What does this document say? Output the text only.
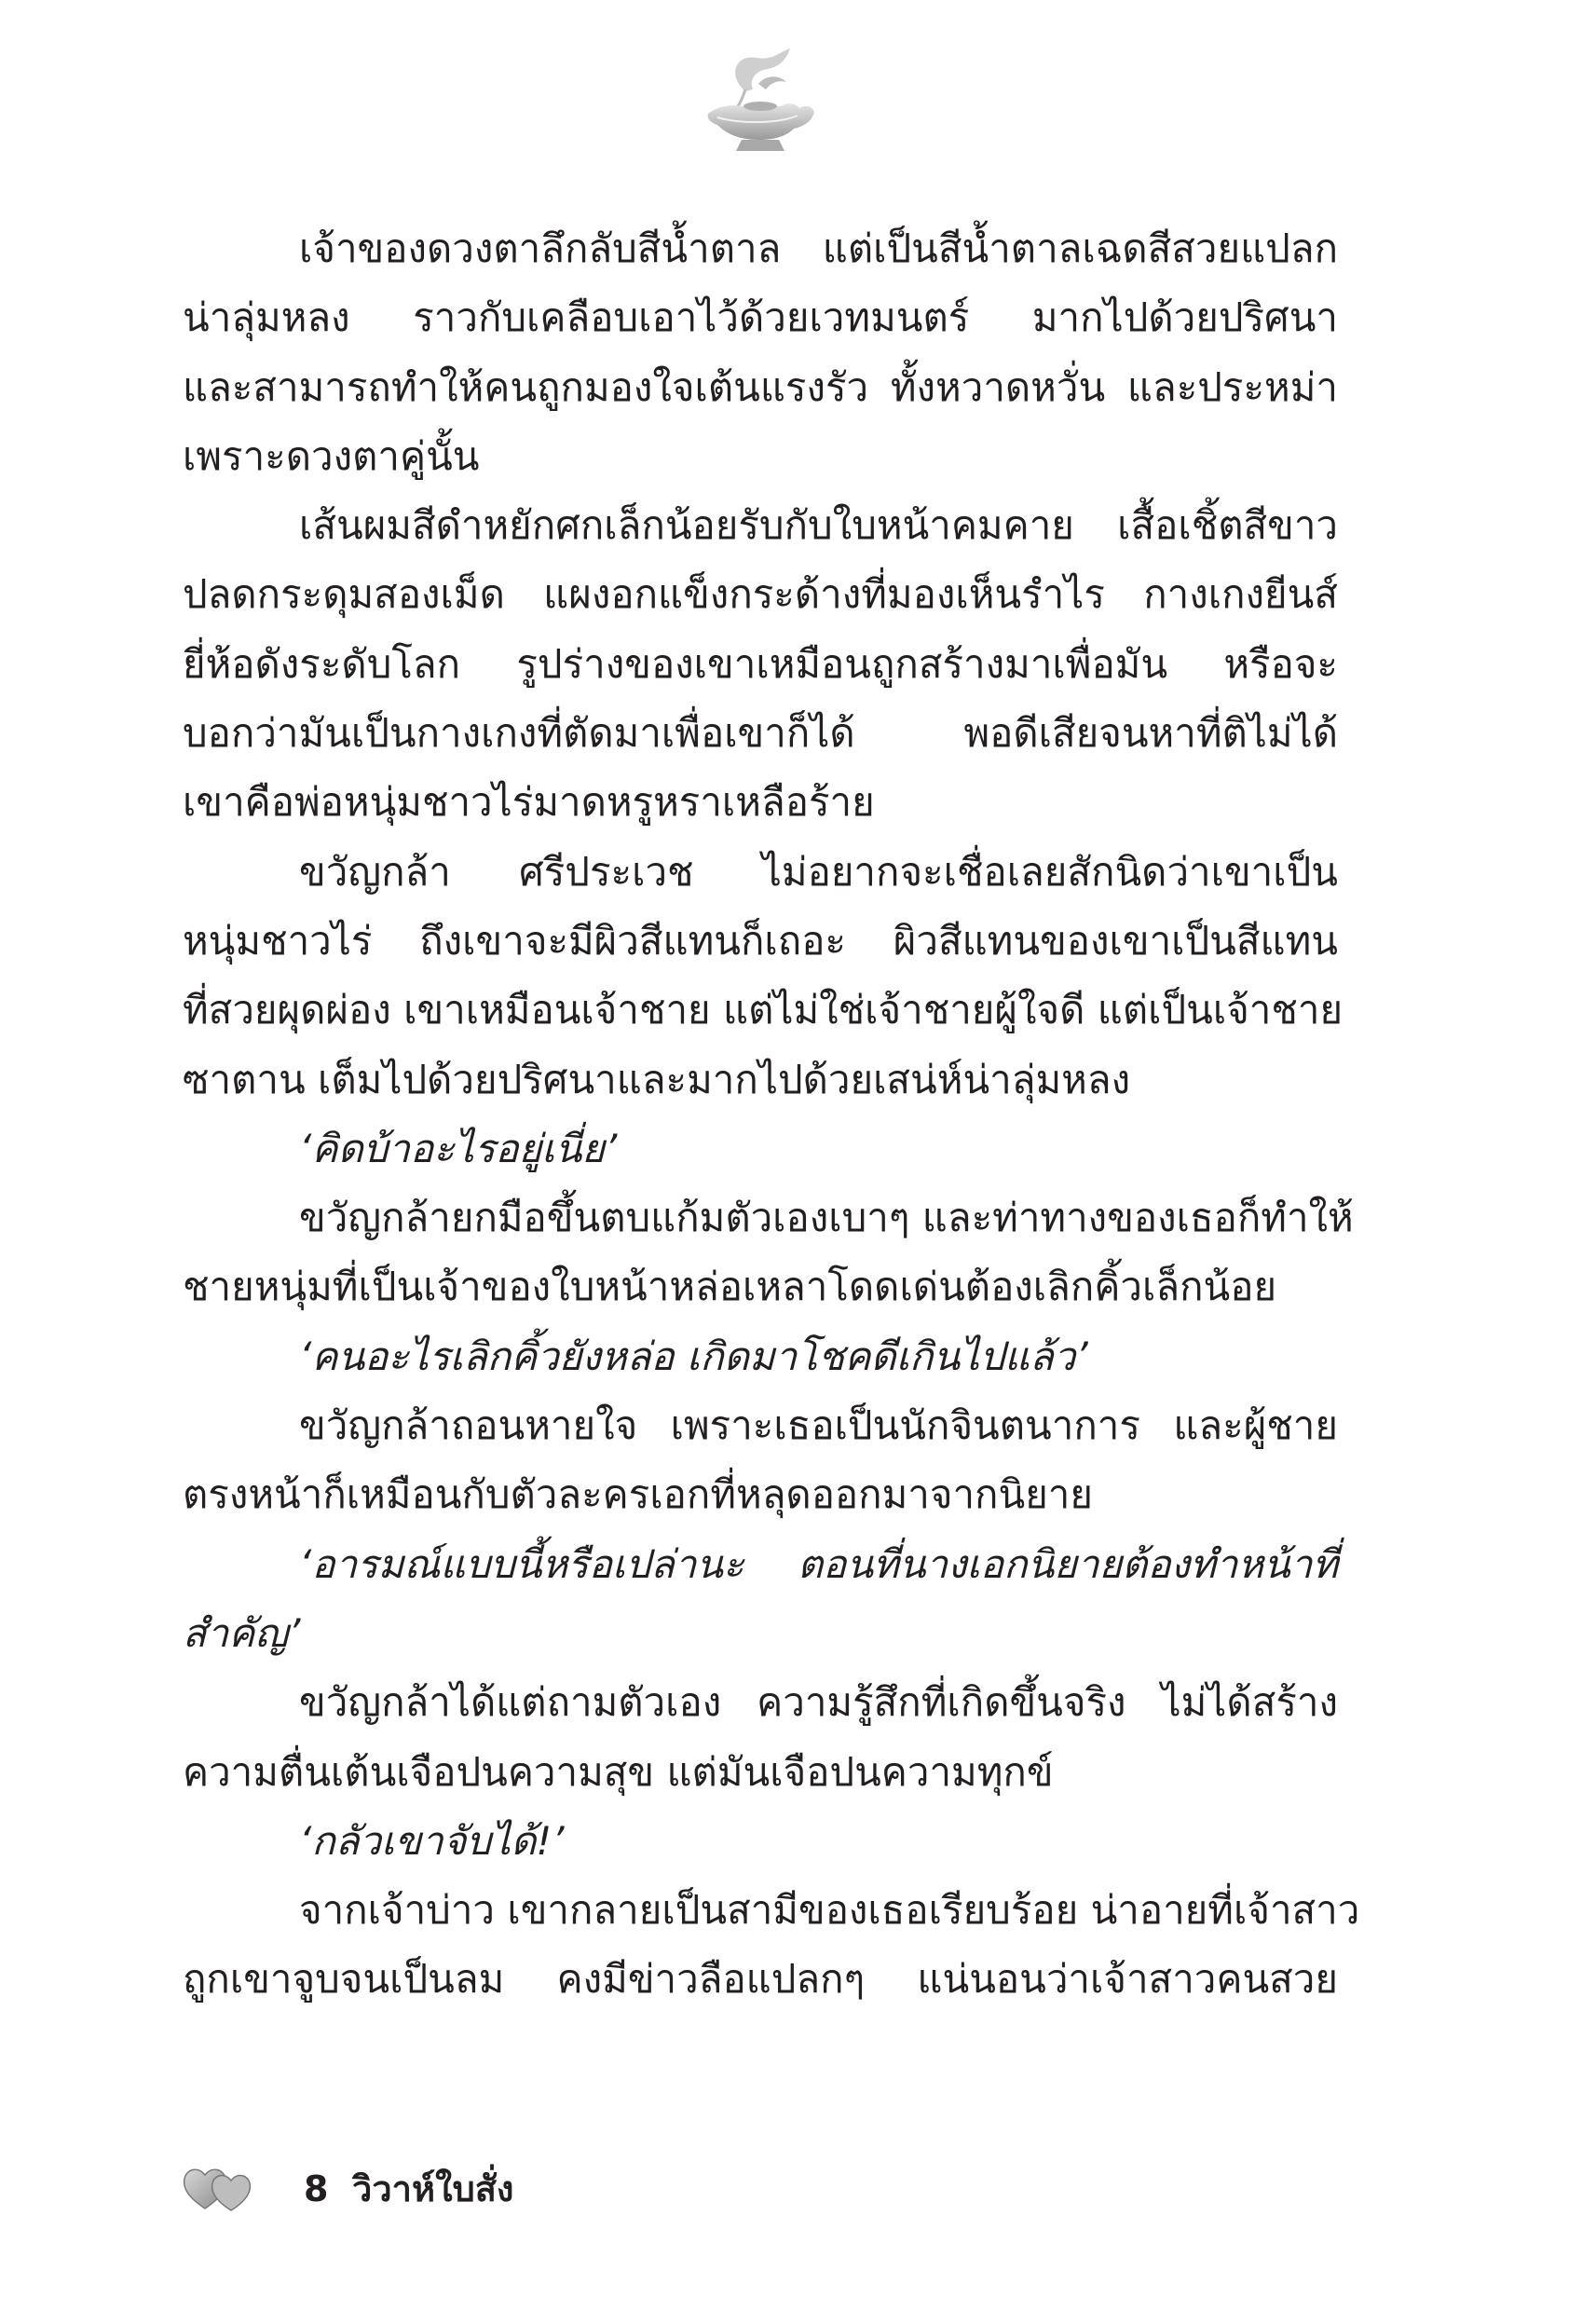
เจ้าของดวงตาลึกลับสีน้ำตาล แต่เป็นสีน้ำตาลเฉดสีสวยแปลก
น่าลุ่มหลง ราวกับเคลือบเอาไว้ด้วยเวทมนตร์ มากไปด้วยปริศนา
และสามารถทำให้คนถูกมองใจเต้นแรงรัว ทั้งหวาดหวั่น และประหม่า
เพราะดวงตาคู่นั้น
เส้นผมสีดำหยักศกเล็กน้อยรับกับใบหน้าคมคาย เสื้อเชิ้ตสีขาว
ปลดกระดุมสองเม็ด แผงอกแข็งกระด้างที่มองเห็นรำไร กางเกงยีนส์
ยี่ห้อดังระดับโลก รูปร่างของเขาเหมือนถูกสร้างมาเพื่อมัน หรือจะ
บอกว่ามันเป็นกางเกงที่ตัดมาเพื่อเขาก็ได้ พอดีเสียจนหาที่ติไม่ได้
เขาคือพ่อหนุ่มชาวไร่มาดหรูหราเหลือร้าย
ขวัญกล้า ศรีประเวช ไม่อยากจะเชื่อเลยสักนิดว่าเขาเป็น
หนุ่มชาวไร่ ถึงเขาจะมีผิวสีแทนก็เถอะ ผิวสีแทนของเขาเป็นสีแทน
ที่สวยผุดผ่อง เขาเหมือนเจ้าชาย แต่ไม่ใช่เจ้าชายผู้ใจดี แต่เป็นเจ้าชาย
ซาตาน เต็มไปด้วยปริศนาและมากไปด้วยเสน่ห์น่าลุ่มหลง
‘คิดบ้าอะไรอยู่เนี่ย’
ขวัญกล้ายกมือขึ้นตบแก้มตัวเองเบาๆ และท่าทางของเธอก็ทำให้
ชายหนุ่มที่เป็นเจ้าของใบหน้าหล่อเหลาโดดเด่นต้องเลิกคิ้วเล็กน้อย
‘คนอะไรเลิกคิ้วยังหล่อ เกิดมาโชคดีเกินไปแล้ว’
ขวัญกล้าถอนหายใจ เพราะเธอเป็นนักจินตนาการ และผู้ชาย
ตรงหน้าก็เหมือนกับตัวละครเอกที่หลุดออกมาจากนิยาย
‘อารมณ์แบบนี้หรือเปล่านะ ตอนที่นางเอกนิยายต้องทำหน้าที่
สำคัญ’
ขวัญกล้าได้แต่ถามตัวเอง ความรู้สึกที่เกิดขึ้นจริง ไม่ได้สร้าง
ความตื่นเต้นเจือปนความสุข แต่มันเจือปนความทุกข์
‘กลัวเขาจับได้!’
จากเจ้าบ่าว เขากลายเป็นสามีของเธอเรียบร้อย น่าอายที่เจ้าสาว
ถูกเขาจูบจนเป็นลม คงมีข่าวลือแปลกๆ แน่นอนว่าเจ้าสาวคนสวย
8 วิวาห์ใบสั่ง
